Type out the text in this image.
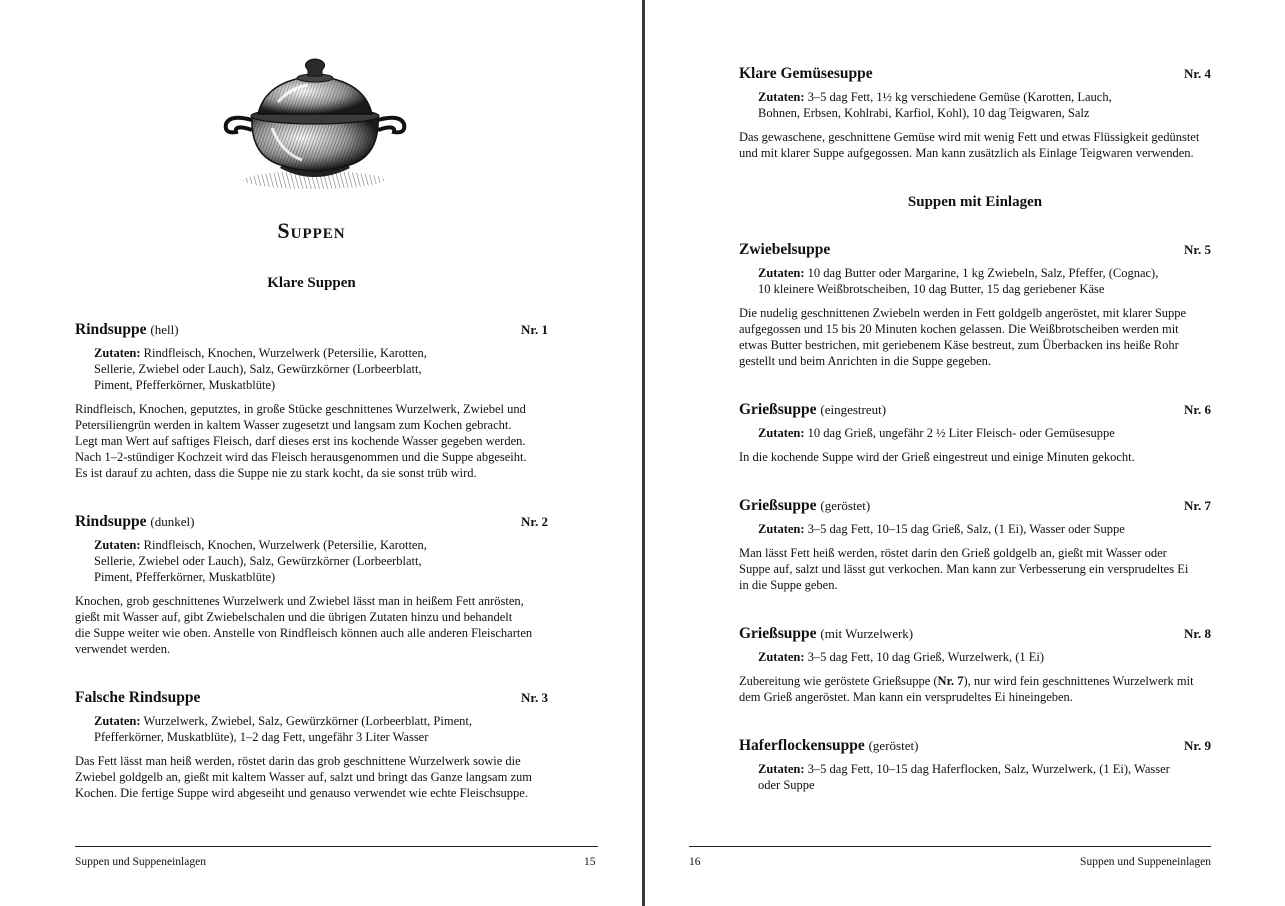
Suppen
Klare Suppen
Rindsuppe (hell)	Nr. 1
Zutaten: Rindfleisch, Knochen, Wurzelwerk (Petersilie, Karotten,
Sellerie, Zwiebel oder Lauch), Salz, Gewürzkörner (Lorbeerblatt,
Piment, Pfefferkörner, Muskatblüte)
Rindfleisch, Knochen, geputztes, in große Stücke geschnittenes Wurzelwerk, Zwiebel und
Petersiliengrün werden in kaltem Wasser zugesetzt und langsam zum Kochen gebracht.
Legt man Wert auf saftiges Fleisch, darf dieses erst ins kochende Wasser gegeben werden.
Nach 1–2-stündiger Kochzeit wird das Fleisch herausgenommen und die Suppe abgeseiht.
Es ist darauf zu achten, dass die Suppe nie zu stark kocht, da sie sonst trüb wird.
Rindsuppe (dunkel)	Nr. 2
Zutaten: Rindfleisch, Knochen, Wurzelwerk (Petersilie, Karotten,
Sellerie, Zwiebel oder Lauch), Salz, Gewürzkörner (Lorbeerblatt,
Piment, Pfefferkörner, Muskatblüte)
Knochen, grob geschnittenes Wurzelwerk und Zwiebel lässt man in heißem Fett anrösten,
gießt mit Wasser auf, gibt Zwiebelschalen und die übrigen Zutaten hinzu und behandelt
die Suppe weiter wie oben. Anstelle von Rindfleisch können auch alle anderen Fleischarten
verwendet werden.
Falsche Rindsuppe	Nr. 3
Zutaten: Wurzelwerk, Zwiebel, Salz, Gewürzkörner (Lorbeerblatt, Piment,
Pfefferkörner, Muskatblüte), 1–2 dag Fett, ungefähr 3 Liter Wasser
Das Fett lässt man heiß werden, röstet darin das grob geschnittene Wurzelwerk sowie die
Zwiebel goldgelb an, gießt mit kaltem Wasser auf, salzt und bringt das Ganze langsam zum
Kochen. Die fertige Suppe wird abgeseiht und genauso verwendet wie echte Fleischsuppe.
Suppen und Suppeneinlagen	15
Klare Gemüsesuppe	Nr. 4
Zutaten: 3–5 dag Fett, 1½ kg verschiedene Gemüse (Karotten, Lauch,
Bohnen, Erbsen, Kohlrabi, Karfiol, Kohl), 10 dag Teigwaren, Salz
Das gewaschene, geschnittene Gemüse wird mit wenig Fett und etwas Flüssigkeit gedünstet
und mit klarer Suppe aufgegossen. Man kann zusätzlich als Einlage Teigwaren verwenden.
Suppen mit Einlagen
Zwiebelsuppe	Nr. 5
Zutaten: 10 dag Butter oder Margarine, 1 kg Zwiebeln, Salz, Pfeffer, (Cognac),
10 kleinere Weißbrotscheiben, 10 dag Butter, 15 dag geriebener Käse
Die nudelig geschnittenen Zwiebeln werden in Fett goldgelb angeröstet, mit klarer Suppe
aufgegossen und 15 bis 20 Minuten kochen gelassen. Die Weißbrotscheiben werden mit
etwas Butter bestrichen, mit geriebenem Käse bestreut, zum Überbacken ins heiße Rohr
gestellt und beim Anrichten in die Suppe gegeben.
Grießsuppe (eingestreut)	Nr. 6
Zutaten: 10 dag Grieß, ungefähr 2 ½ Liter Fleisch- oder Gemüsesuppe
In die kochende Suppe wird der Grieß eingestreut und einige Minuten gekocht.
Grießsuppe (geröstet)	Nr. 7
Zutaten: 3–5 dag Fett, 10–15 dag Grieß, Salz, (1 Ei), Wasser oder Suppe
Man lässt Fett heiß werden, röstet darin den Grieß goldgelb an, gießt mit Wasser oder
Suppe auf, salzt und lässt gut verkochen. Man kann zur Verbesserung ein versprudeltes Ei
in die Suppe geben.
Grießsuppe (mit Wurzelwerk)	Nr. 8
Zutaten: 3–5 dag Fett, 10 dag Grieß, Wurzelwerk, (1 Ei)
Zubereitung wie geröstete Grießsuppe (Nr. 7), nur wird fein geschnittenes Wurzelwerk mit
dem Grieß angeröstet. Man kann ein versprudeltes Ei hineingeben.
Haferflockensuppe (geröstet)	Nr. 9
Zutaten: 3–5 dag Fett, 10–15 dag Haferflocken, Salz, Wurzelwerk, (1 Ei), Wasser
oder Suppe
16	Suppen und Suppeneinlagen
